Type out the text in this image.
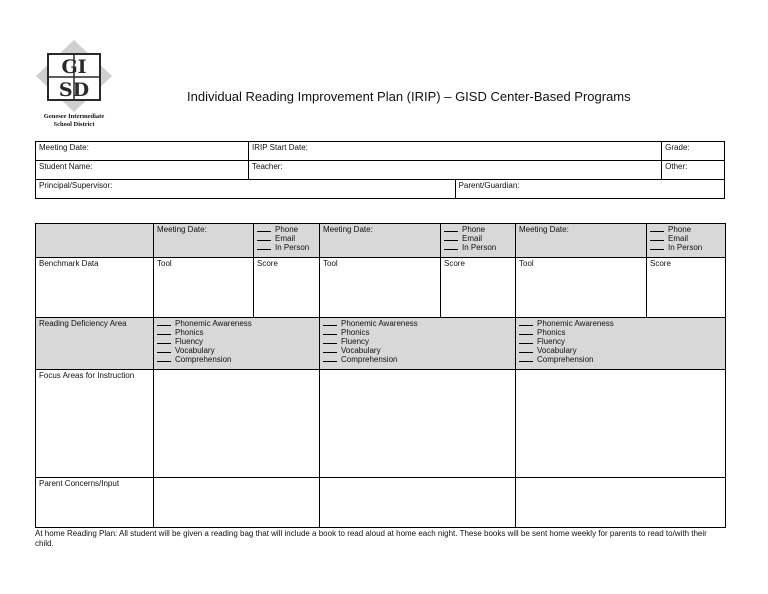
GI
SD
Genesee Intermediate
School District
Individual Reading Improvement Plan (IRIP) – GISD Center-Based Programs
Meeting Date:	IRIP Start Date:		Grade:
Student Name:	Teacher:		Other:
Principal/Supervisor:		Parent/Guardian:	
	Meeting Date:	Phone
Email
In Person	Meeting Date:	Phone
Email
In Person	Meeting Date:	Phone
Email
In Person

Benchmark Data	Tool	Score	Tool	Score	Tool	Score
Reading Deficiency Area	Phonemic Awareness
Phonics
Fluency
Vocabulary
Comprehension		Phonemic Awareness
Phonics
Fluency
Vocabulary
Comprehension		Phonemic Awareness
Phonics
Fluency
Vocabulary
Comprehension	

Focus Areas for Instruction						
Parent Concerns/Input						
At home Reading Plan: All student will be given a reading bag that will include a book to read aloud at home each night. These books will be sent home weekly for parents to read to/with their child.
